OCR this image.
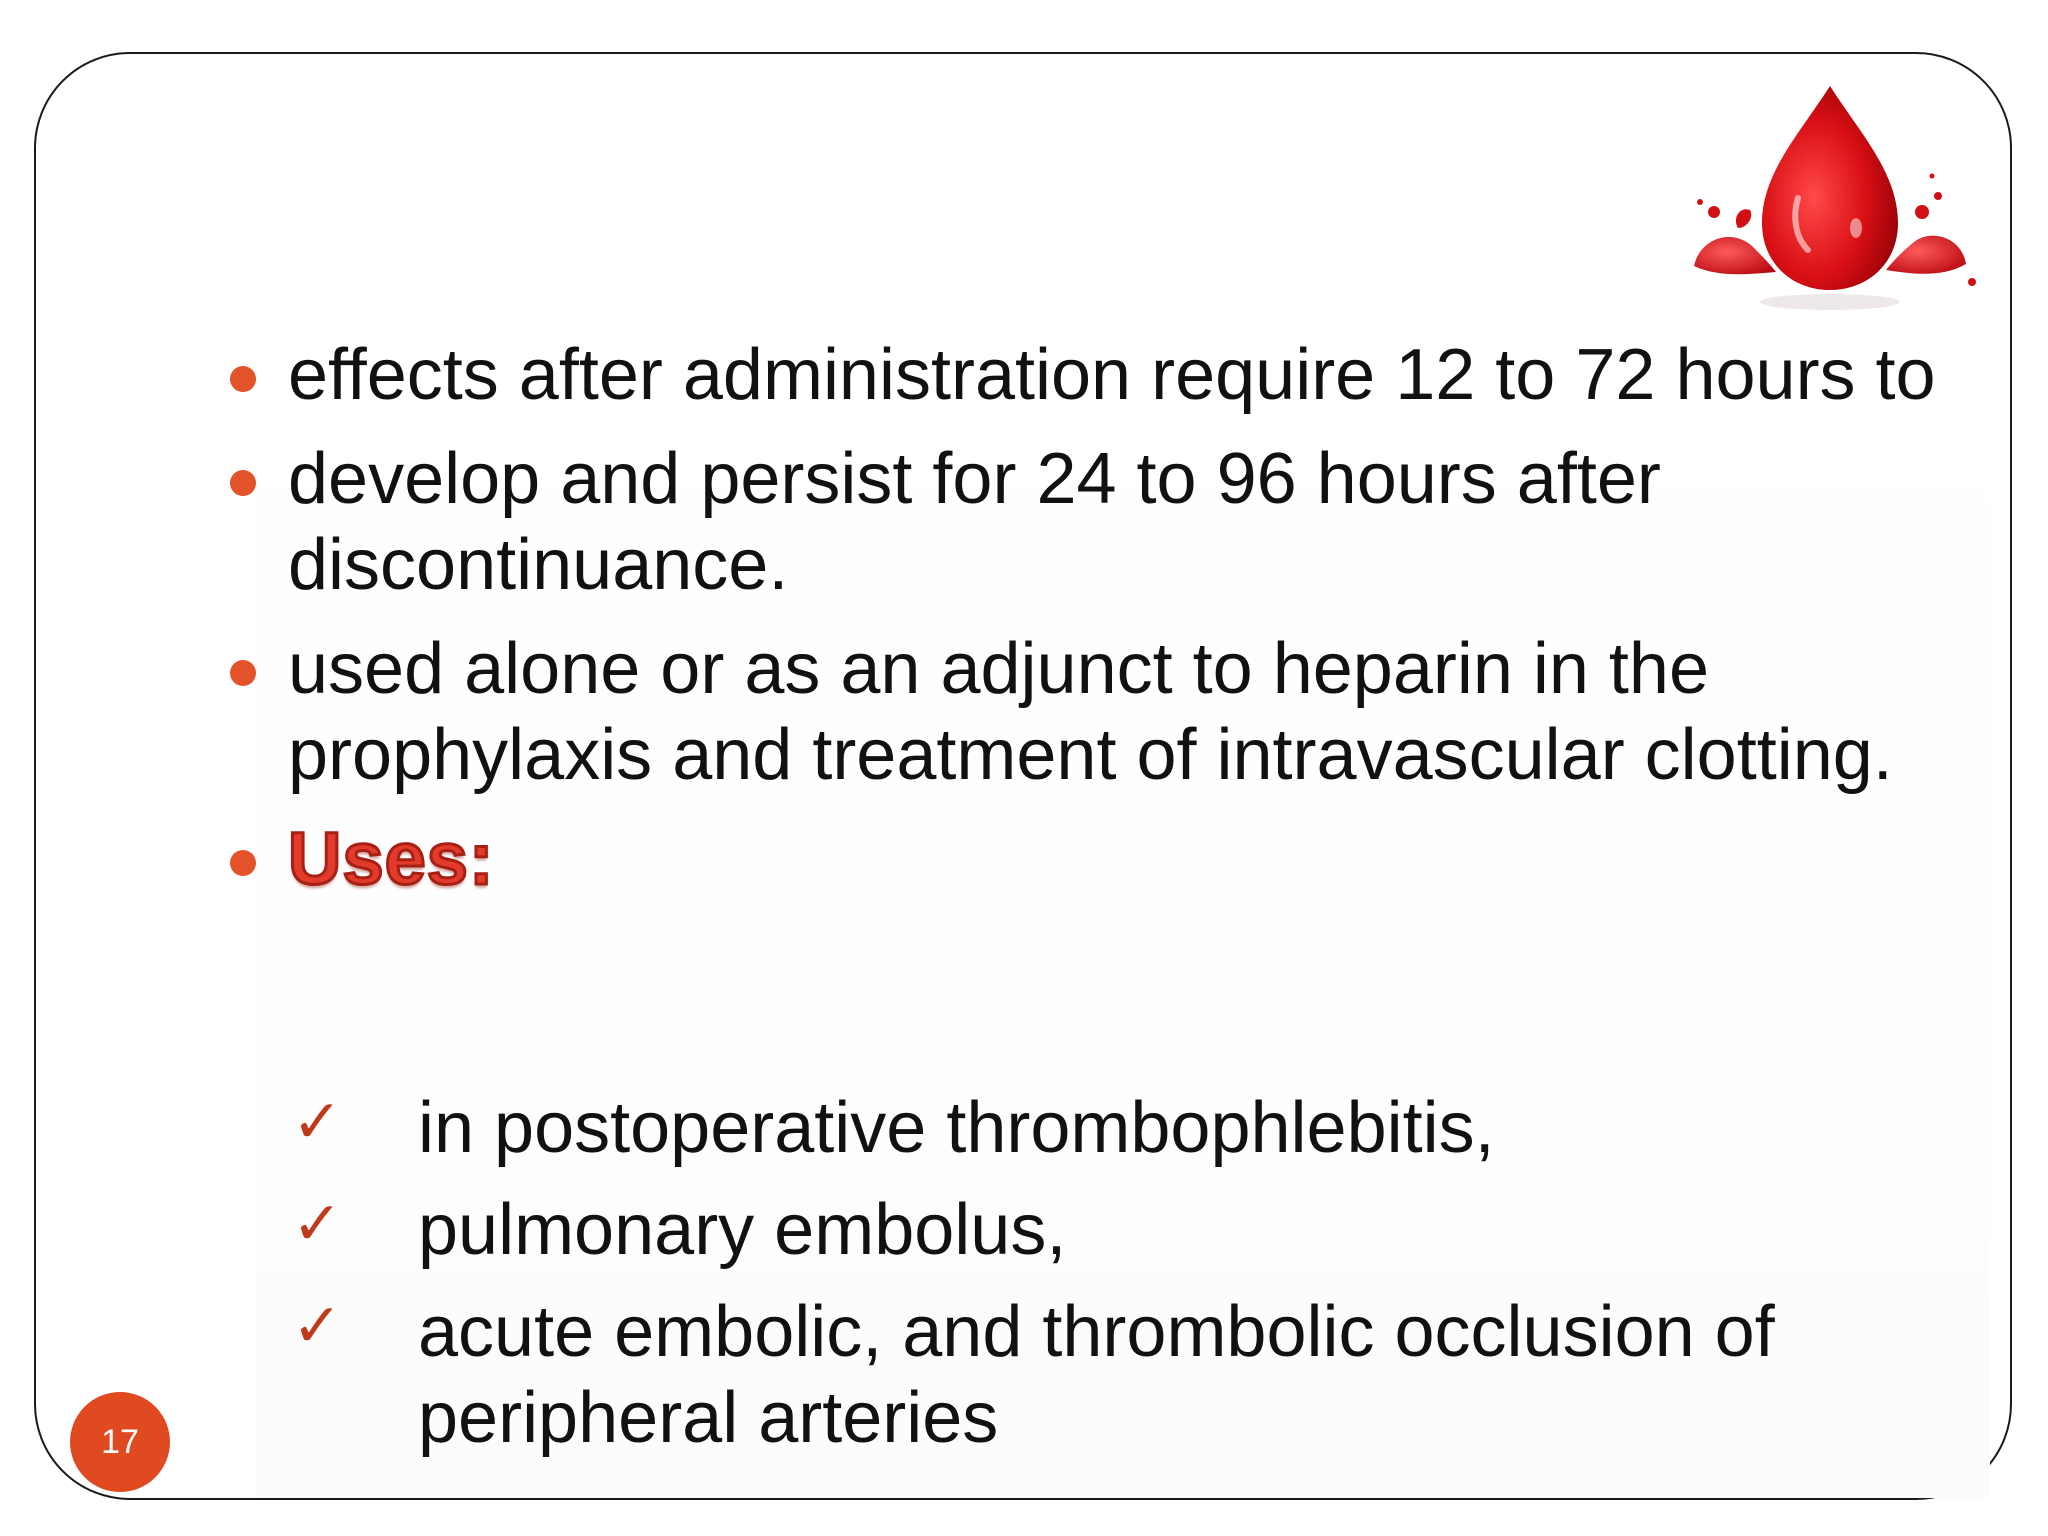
effects after administration require 12 to 72 hours to
develop and persist for 24 to 96 hours after discontinuance.
used alone or as an adjunct to heparin in the prophylaxis and treatment of intravascular clotting.
Uses:
✓ in postoperative thrombophlebitis,
✓ pulmonary embolus,
✓ acute embolic, and thrombolic occlusion of peripheral arteries
17
